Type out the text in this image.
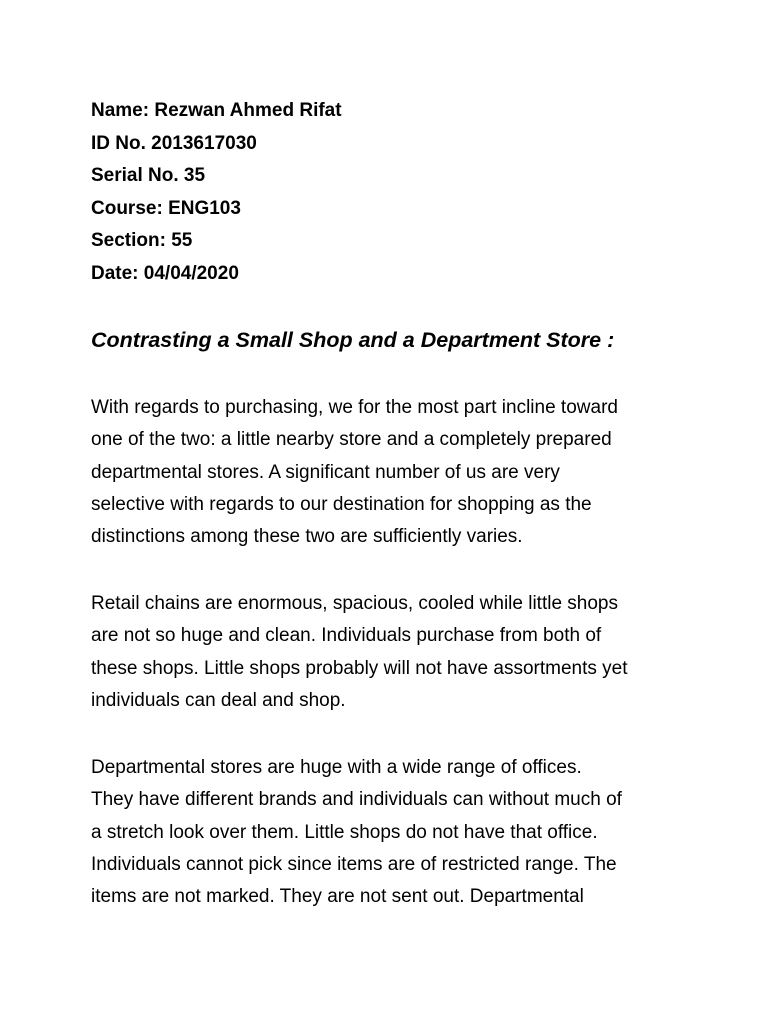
Name: Rezwan Ahmed Rifat
ID No. 2013617030
Serial No. 35
Course: ENG103
Section: 55
Date: 04/04/2020
Contrasting a Small Shop and a Department Store :

With regards to purchasing, we for the most part incline toward
one of the two: a little nearby store and a completely prepared
departmental stores. A significant number of us are very
selective with regards to our destination for shopping as the
distinctions among these two are sufficiently varies.

Retail chains are enormous, spacious, cooled while little shops
are not so huge and clean. Individuals purchase from both of
these shops. Little shops probably will not have assortments yet
individuals can deal and shop.

Departmental stores are huge with a wide range of offices.
They have different brands and individuals can without much of
a stretch look over them. Little shops do not have that office.
Individuals cannot pick since items are of restricted range. The
items are not marked. They are not sent out. Departmental
